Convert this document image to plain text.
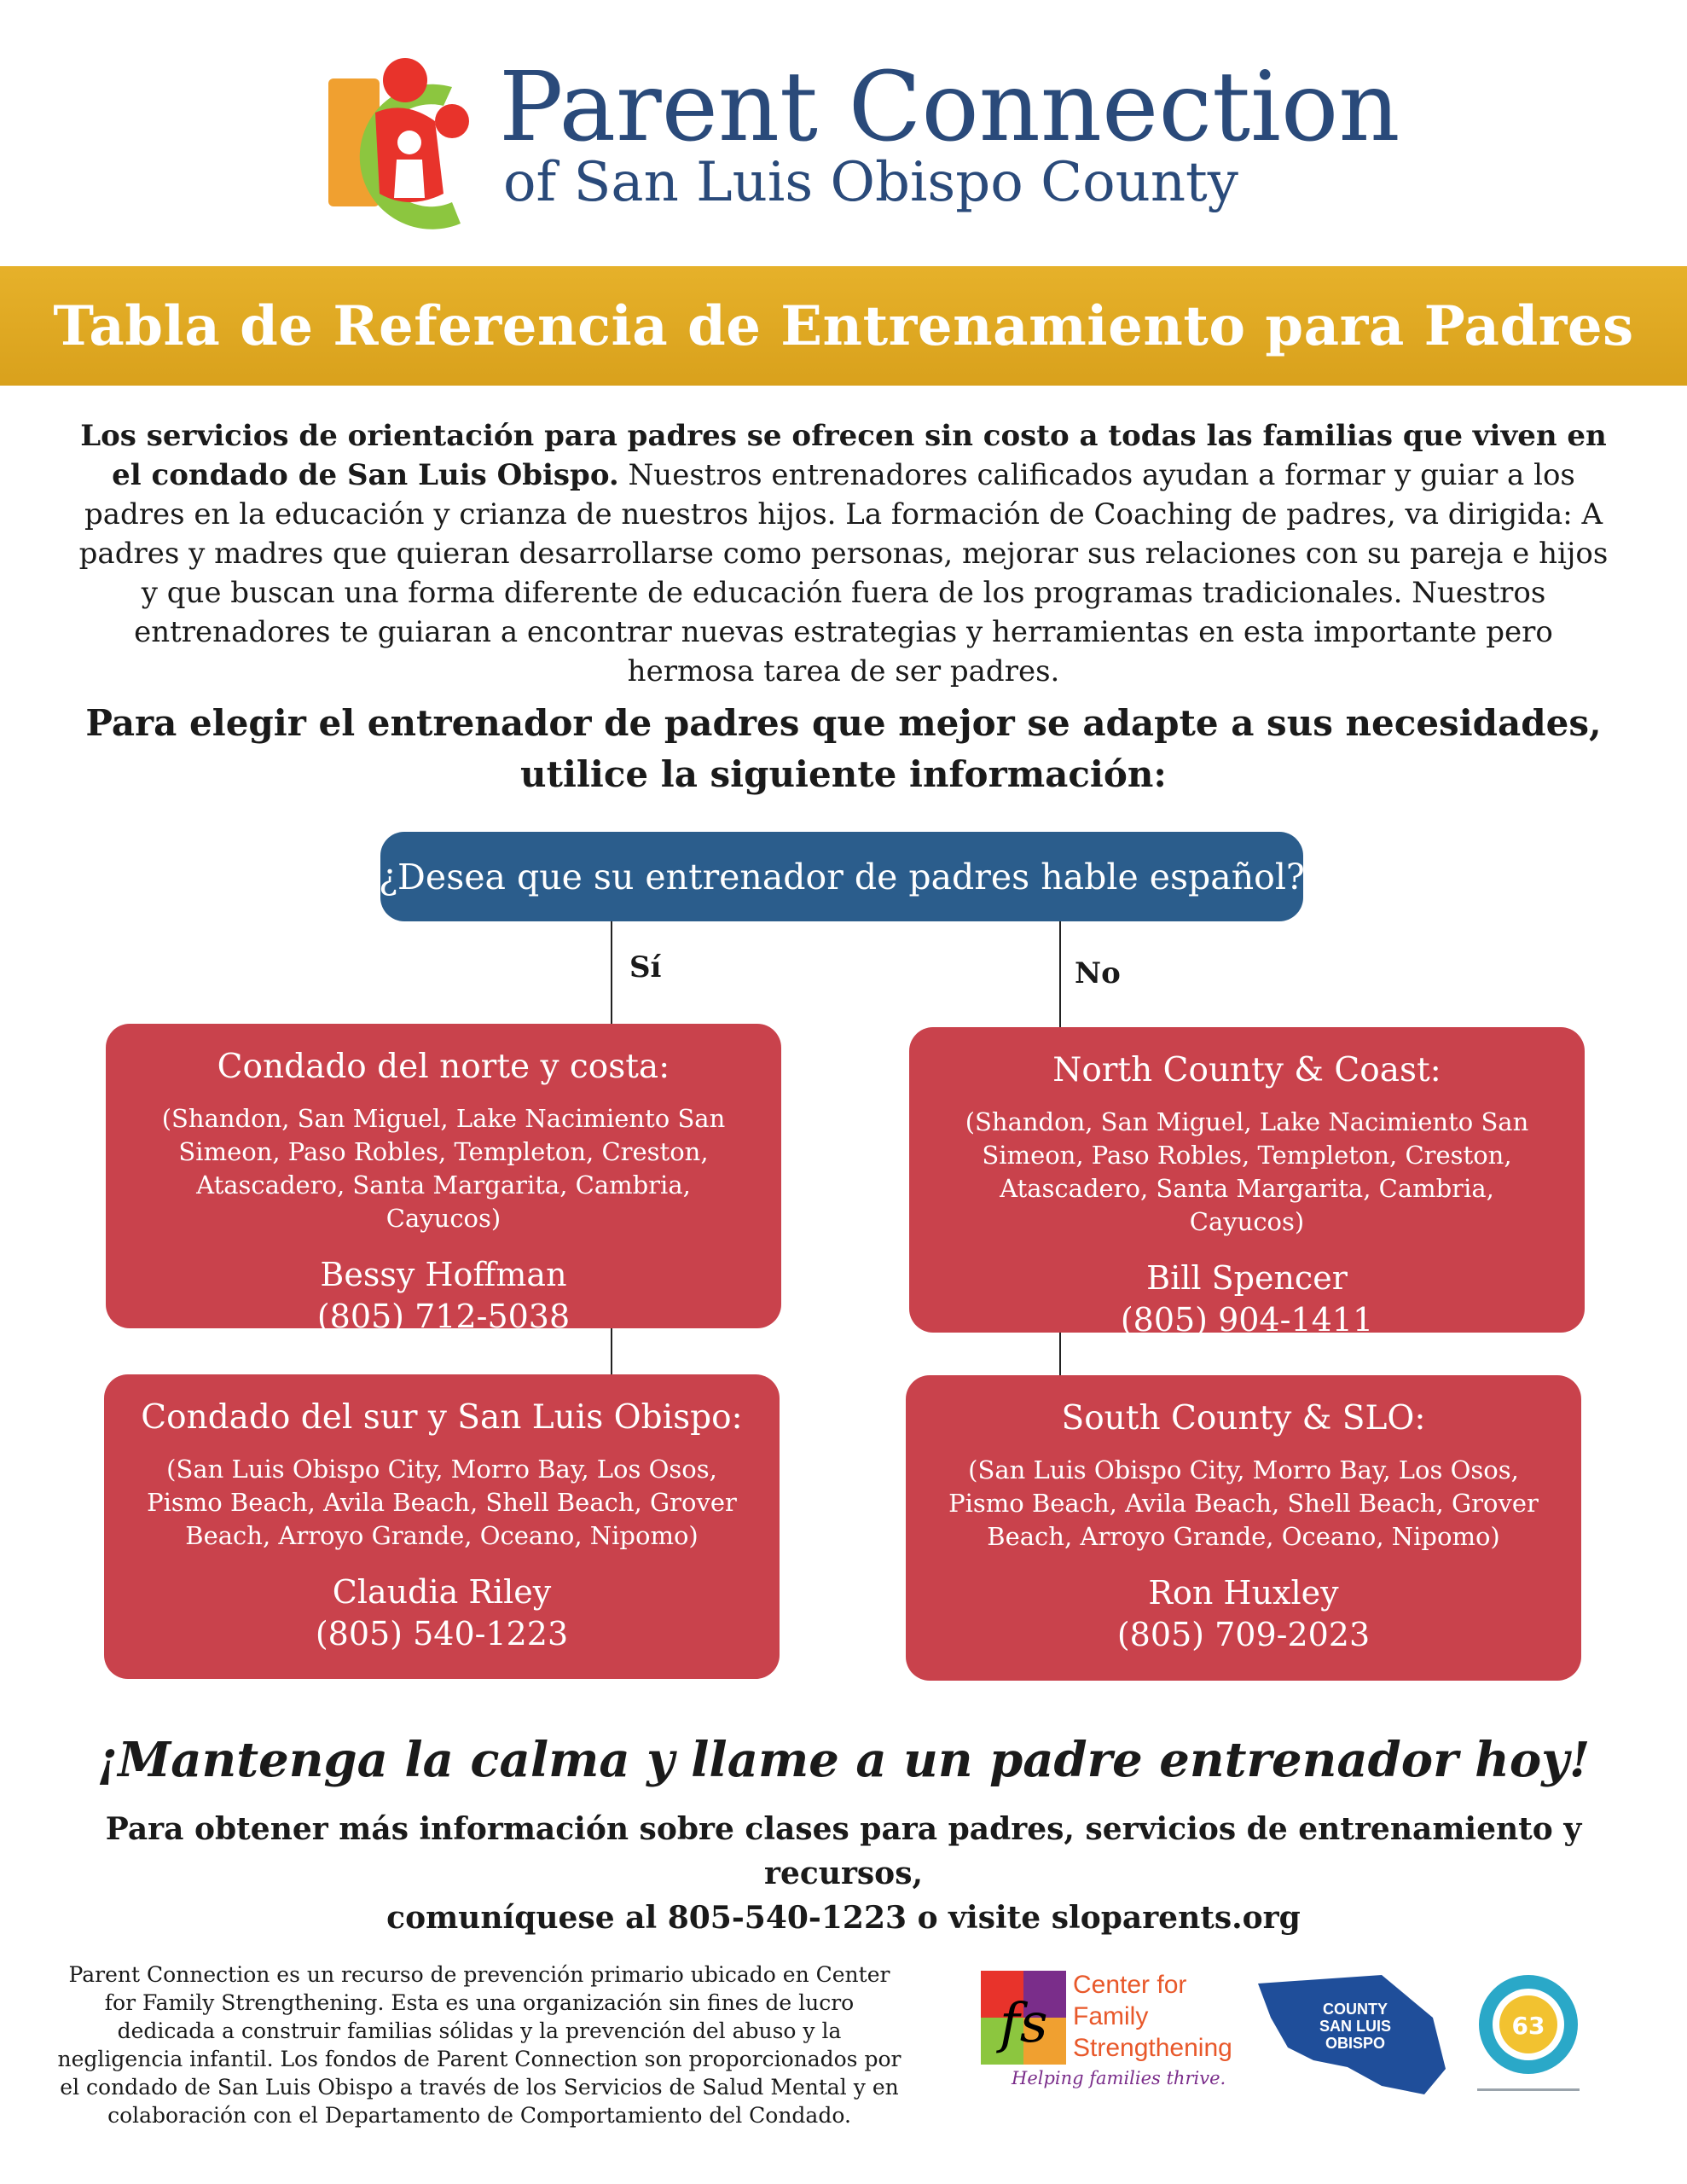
Parent Connection
of San Luis Obispo County
Tabla de Referencia de Entrenamiento para Padres
Los servicios de orientación para padres se ofrecen sin costo a todas las familias que viven en el condado de San Luis Obispo. Nuestros entrenadores calificados ayudan a formar y guiar a los padres en la educación y crianza de nuestros hijos. La formación de Coaching de padres, va dirigida: A padres y madres que quieran desarrollarse como personas, mejorar sus relaciones con su pareja e hijos y que buscan una forma diferente de educación fuera de los programas tradicionales. Nuestros entrenadores te guiaran a encontrar nuevas estrategias y herramientas en esta importante pero hermosa tarea de ser padres.
Para elegir el entrenador de padres que mejor se adapte a sus necesidades,
utilice la siguiente información:
¿Desea que su entrenador de padres hable español?
Sí	No
Condado del norte y costa:
(Shandon, San Miguel, Lake Nacimiento San Simeon, Paso Robles, Templeton, Creston, Atascadero, Santa Margarita, Cambria, Cayucos)
Bessy Hoffman
(805) 712-5038
North County & Coast:
(Shandon, San Miguel, Lake Nacimiento San Simeon, Paso Robles, Templeton, Creston, Atascadero, Santa Margarita, Cambria, Cayucos)
Bill Spencer
(805) 904-1411
Condado del sur y San Luis Obispo:
(San Luis Obispo City, Morro Bay, Los Osos, Pismo Beach, Avila Beach, Shell Beach, Grover Beach, Arroyo Grande, Oceano, Nipomo)
Claudia Riley
(805) 540-1223
South County & SLO:
(San Luis Obispo City, Morro Bay, Los Osos, Pismo Beach, Avila Beach, Shell Beach, Grover Beach, Arroyo Grande, Oceano, Nipomo)
Ron Huxley
(805) 709-2023
¡Mantenga la calma y llame a un padre entrenador hoy!
Para obtener más información sobre clases para padres, servicios de entrenamiento y recursos,
comuníquese al 805-540-1223 o visite sloparents.org
Parent Connection es un recurso de prevención primario ubicado en Center for Family Strengthening. Esta es una organización sin fines de lucro dedicada a construir familias sólidas y la prevención del abuso y la negligencia infantil. Los fondos de Parent Connection son proporcionados por el condado de San Luis Obispo a través de los Servicios de Salud Mental y en colaboración con el Departamento de Comportamiento del Condado.
fs
Center for
Family
Strengthening
Helping families thrive.
COUNTY
SAN LUIS
OBISPO
63
